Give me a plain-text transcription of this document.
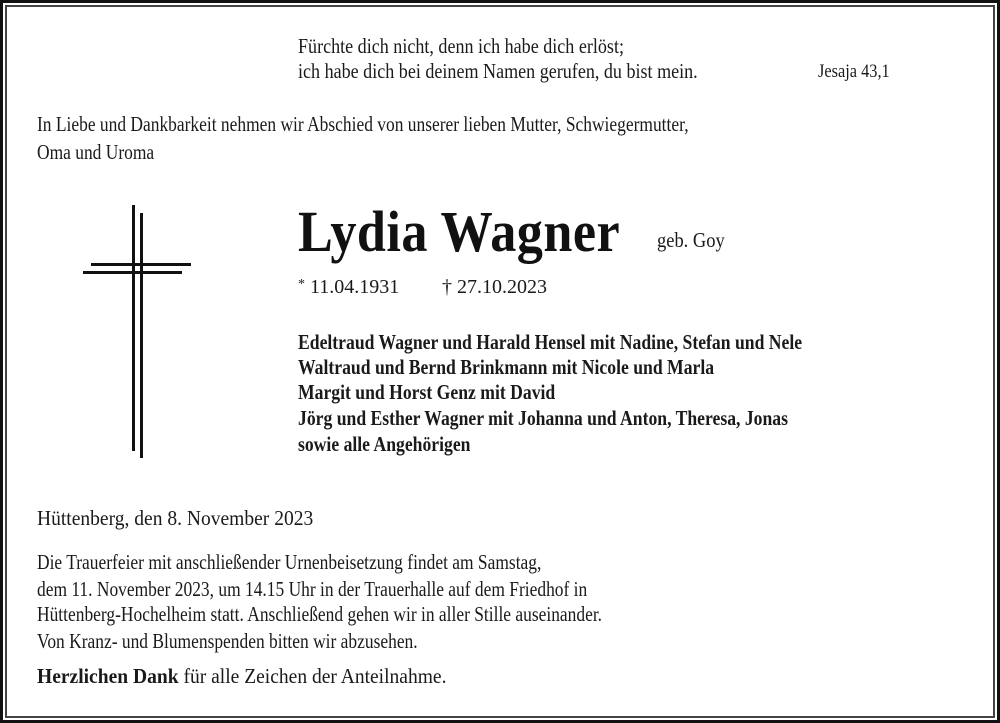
Fürchte dich nicht, denn ich habe dich erlöst;
ich habe dich bei deinem Namen gerufen, du bist mein.	Jesaja 43,1
In Liebe und Dankbarkeit nehmen wir Abschied von unserer lieben Mutter, Schwiegermutter,
Oma und Uroma
Lydia Wagner geb. Goy
* 11.04.1931 † 27.10.2023
Edeltraud Wagner und Harald Hensel mit Nadine, Stefan und Nele
Waltraud und Bernd Brinkmann mit Nicole und Marla
Margit und Horst Genz mit David
Jörg und Esther Wagner mit Johanna und Anton, Theresa, Jonas
sowie alle Angehörigen
Hüttenberg, den 8. November 2023
Die Trauerfeier mit anschließender Urnenbeisetzung findet am Samstag,
dem 11. November 2023, um 14.15 Uhr in der Trauerhalle auf dem Friedhof in
Hüttenberg-Hochelheim statt. Anschließend gehen wir in aller Stille auseinander.
Von Kranz- und Blumenspenden bitten wir abzusehen.
Herzlichen Dank für alle Zeichen der Anteilnahme.
